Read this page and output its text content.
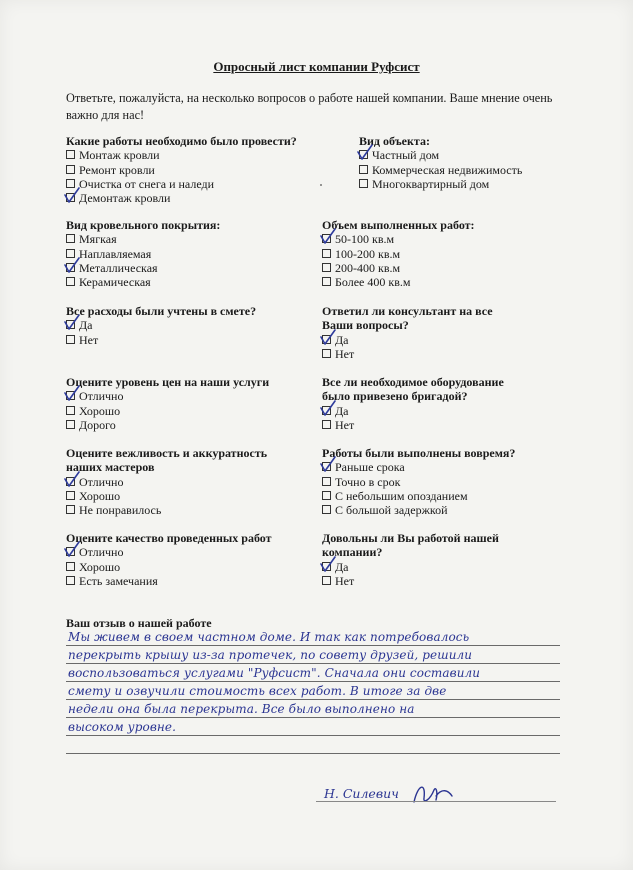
Опросный лист компании Руфсист
Ответьте, пожалуйста, на несколько вопросов о работе нашей компании. Ваше мнение очень важно для нас!
Какие работы необходимо было провести?
Монтаж кровли
Ремонт кровли
Очистка от снега и наледи
Демонтаж кровли
Вид объекта:
Частный дом
Коммерческая недвижимость
Многоквартирный дом
Вид кровельного покрытия:
Мягкая
Наплавляемая
Металлическая
Керамическая
Объем выполненных работ:
50-100 кв.м
100-200 кв.м
200-400 кв.м
Более 400 кв.м
Все расходы были учтены в смете?
Да
Нет
Ответил ли консультант на все
Ваши вопросы?
Да
Нет
Оцените уровень цен на наши услуги
Отлично
Хорошо
Дорого
Все ли необходимое оборудование
было привезено бригадой?
Да
Нет
Оцените вежливость и аккуратность
наших мастеров
Отлично
Хорошо
Не понравилось
Работы были выполнены вовремя?
Раньше срока
Точно в срок
С небольшим опозданием
С большой задержкой
Оцените качество проведенных работ
Отлично
Хорошо
Есть замечания
Довольны ли Вы работой нашей
компании?
Да
Нет
Ваш отзыв о нашей работе
Мы живем в своем частном доме. И так как потребовалось
перекрыть крышу из-за протечек, по совету друзей, решили
воспользоваться услугами "Руфсист". Сначала они составили
смету и озвучили стоимость всех работ. В итоге за две
недели она была перекрыта. Все было выполнено на
высоком уровне.
Н. Силевич
